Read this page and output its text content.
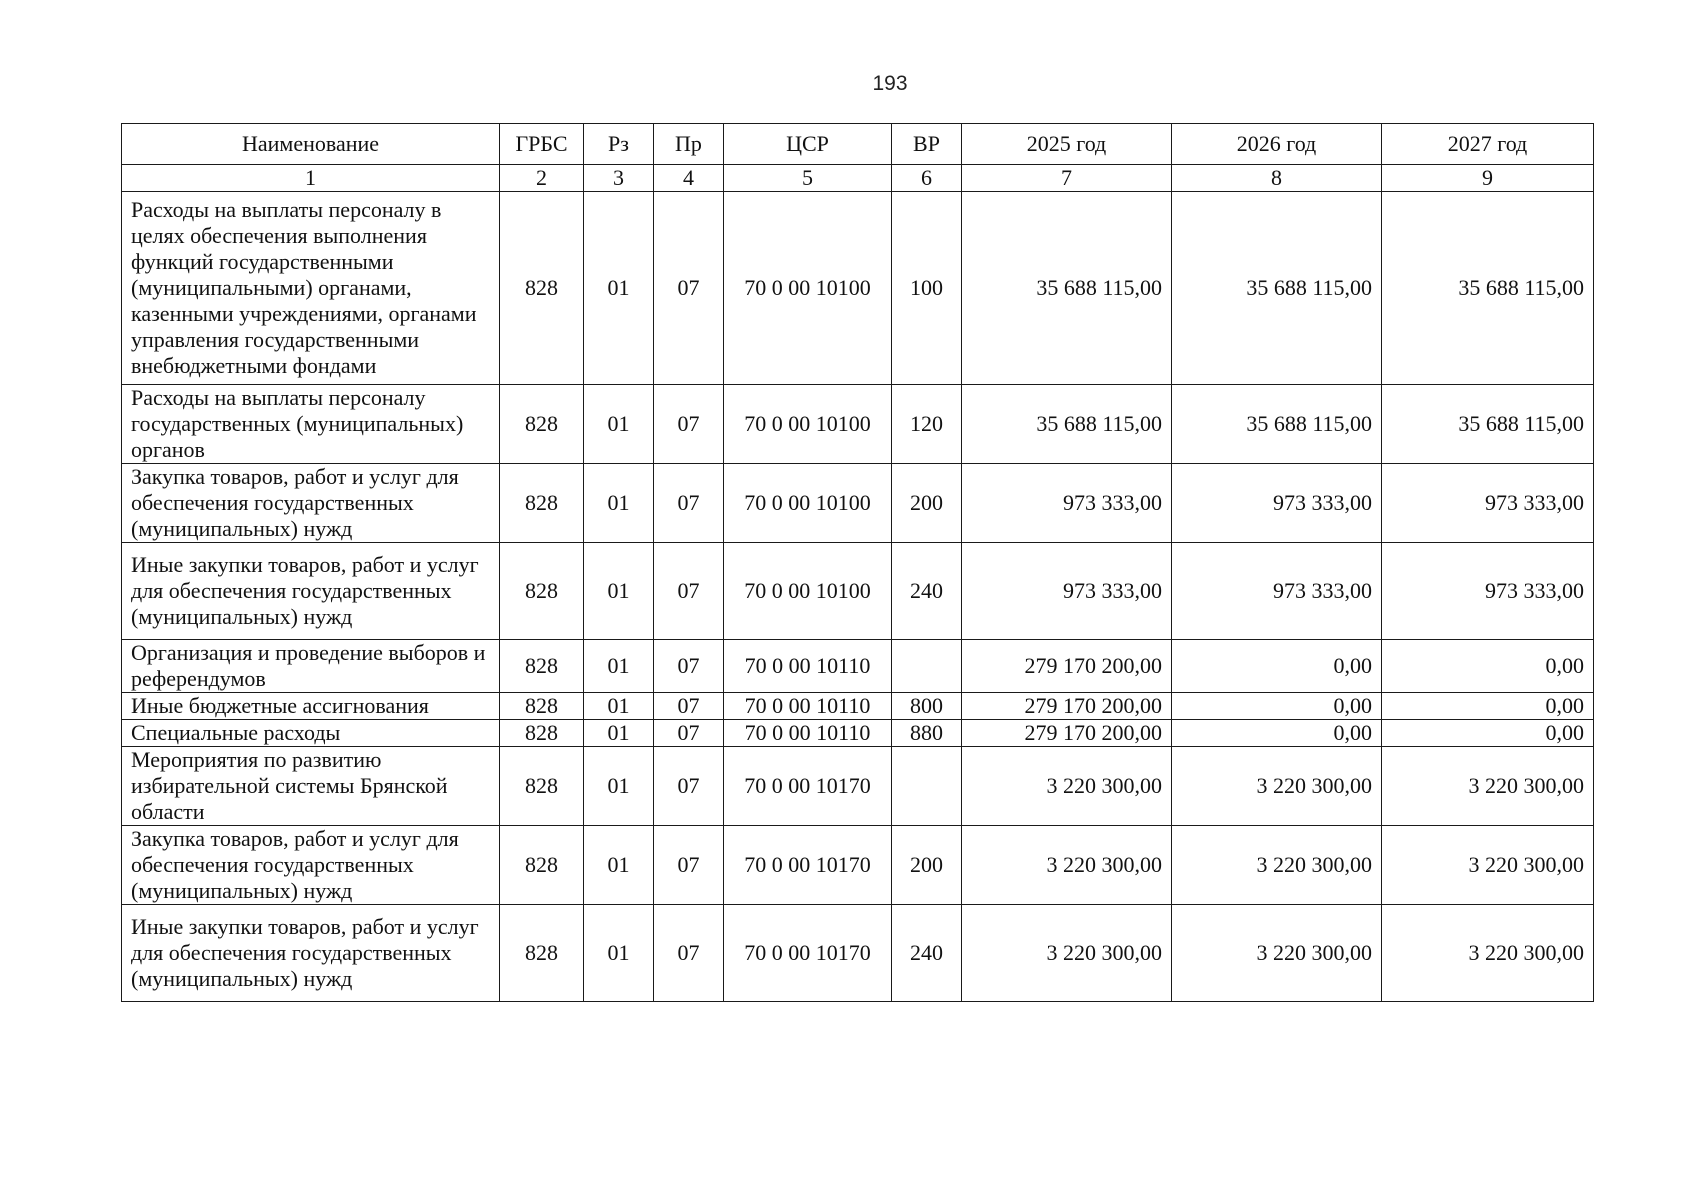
193
Наименование	ГРБС	Рз	Пр	ЦСР	ВР	2025 год	2026 год	2027 год
1	2	3	4	5	6	7	8	9
Расходы на выплаты персоналу в целях обеспечения выполнения функций государственными (муниципальными) органами, казенными учреждениями, органами управления государственными внебюджетными фондами	828	01	07	70 0 00 10100	100	35 688 115,00	35 688 115,00	35 688 115,00
Расходы на выплаты персоналу государственных (муниципальных) органов	828	01	07	70 0 00 10100	120	35 688 115,00	35 688 115,00	35 688 115,00
Закупка товаров, работ и услуг для обеспечения государственных (муниципальных) нужд	828	01	07	70 0 00 10100	200	973 333,00	973 333,00	973 333,00
Иные закупки товаров, работ и услуг для обеспечения государственных (муниципальных) нужд	828	01	07	70 0 00 10100	240	973 333,00	973 333,00	973 333,00
Организация и проведение выборов и референдумов	828	01	07	70 0 00 10110		279 170 200,00	0,00	0,00
Иные бюджетные ассигнования	828	01	07	70 0 00 10110	800	279 170 200,00	0,00	0,00
Специальные расходы	828	01	07	70 0 00 10110	880	279 170 200,00	0,00	0,00
Мероприятия по развитию избирательной системы Брянской области	828	01	07	70 0 00 10170		3 220 300,00	3 220 300,00	3 220 300,00
Закупка товаров, работ и услуг для обеспечения государственных (муниципальных) нужд	828	01	07	70 0 00 10170	200	3 220 300,00	3 220 300,00	3 220 300,00
Иные закупки товаров, работ и услуг для обеспечения государственных (муниципальных) нужд	828	01	07	70 0 00 10170	240	3 220 300,00	3 220 300,00	3 220 300,00
